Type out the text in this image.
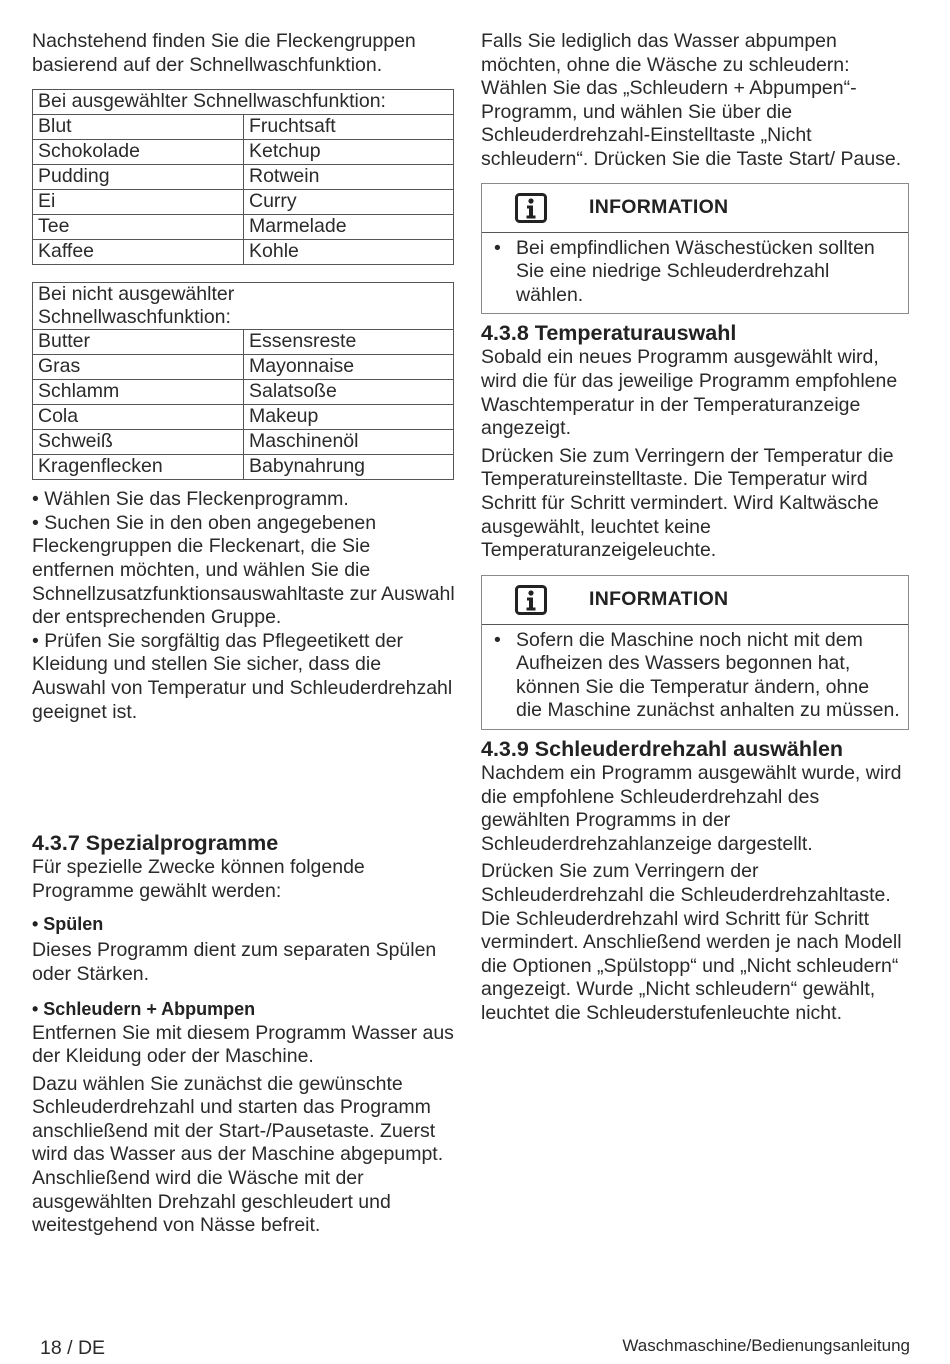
Nachstehend finden Sie die Fleckengruppen basierend auf der Schnellwaschfunktion.

Bei ausgewählter Schnellwaschfunktion:	
Blut	Fruchtsaft
Schokolade	Ketchup
Pudding	Rotwein
Ei	Curry
Tee	Marmelade
Kaffee	Kohle
Bei nicht ausgewählter Schnellwaschfunktion:	
Butter	Essensreste
Gras	Mayonnaise
Schlamm	Salatsoße
Cola	Makeup
Schweiß	Maschinenöl
Kragenflecken	Babynahrung

• Wählen Sie das Fleckenprogramm.

• Suchen Sie in den oben angegebenen Fleckengruppen die Fleckenart, die Sie entfernen möchten, und wählen Sie die Schnellzusatzfunktionsauswahltaste zur Auswahl der entsprechenden Gruppe.

• Prüfen Sie sorgfältig das Pflegeetikett der Kleidung und stellen Sie sicher, dass die Auswahl von Temperatur und Schleuderdrehzahl geeignet ist.

4.3.7 Spezialprogramme

Für spezielle Zwecke können folgende Programme gewählt werden:

• Spülen

Dieses Programm dient zum separaten Spülen oder Stärken.

• Schleudern + Abpumpen

Entfernen Sie mit diesem Programm Wasser aus der Kleidung oder der Maschine.

Dazu wählen Sie zunächst die gewünschte Schleuderdrehzahl und starten das Programm anschließend mit der Start-/Pausetaste. Zuerst wird das Wasser aus der Maschine abgepumpt. Anschließend wird die Wäsche mit der ausgewählten Drehzahl geschleudert und weitestgehend von Nässe befreit.

Falls Sie lediglich das Wasser abpumpen möchten, ohne die Wäsche zu schleudern: Wählen Sie das „Schleudern + Abpumpen“-Programm, und wählen Sie über die Schleuderdrehzahl-Einstelltaste „Nicht schleudern“. Drücken Sie die Taste Start/ Pause.

INFORMATION
• Bei empfindlichen Wäschestücken sollten Sie eine niedrige Schleuderdrehzahl wählen.
4.3.8 Temperaturauswahl

Sobald ein neues Programm ausgewählt wird, wird die für das jeweilige Programm empfohlene Waschtemperatur in der Temperaturanzeige angezeigt.

Drücken Sie zum Verringern der Temperatur die Temperatureinstelltaste. Die Temperatur wird Schritt für Schritt vermindert. Wird Kaltwäsche ausgewählt, leuchtet keine Temperaturanzeigeleuchte.

INFORMATION
• Sofern die Maschine noch nicht mit dem Aufheizen des Wassers begonnen hat, können Sie die Temperatur ändern, ohne die Maschine zunächst anhalten zu müssen.
4.3.9 Schleuderdrehzahl auswählen

Nachdem ein Programm ausgewählt wurde, wird die empfohlene Schleuderdrehzahl des gewählten Programms in der Schleuderdrehzahlanzeige dargestellt.

Drücken Sie zum Verringern der Schleuderdrehzahl die Schleuderdrehzahltaste. Die Schleuderdrehzahl wird Schritt für Schritt vermindert. Anschließend werden je nach Modell die Optionen „Spülstopp“ und „Nicht schleudern“ angezeigt. Wurde „Nicht schleudern“ gewählt, leuchtet die Schleuderstufenleuchte nicht.

18 / DE	Waschmaschine/Bedienungsanleitung
